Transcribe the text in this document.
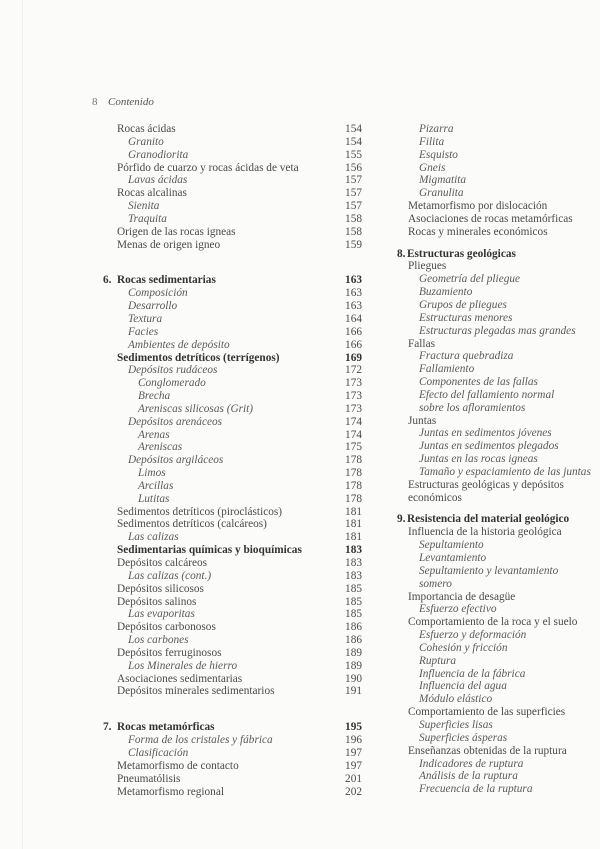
8 Contenido
Rocas ácidas	154
Granito	154
Granodiorita	155
Pórfido de cuarzo y rocas ácidas de veta	156
Lavas ácidas	157
Rocas alcalinas	157
Sienita	157
Traquita	158
Origen de las rocas igneas	158
Menas de origen igneo	159
6. Rocas sedimentarias	163
Composición	163
Desarrollo	163
Textura	164
Facies	166
Ambientes de depósito	166
Sedimentos detríticos (terrígenos)	169
Depósitos rudáceos	172
Conglomerado	173
Brecha	173
Areniscas silicosas (Grit)	173
Depósitos arenáceos	174
Arenas	174
Areniscas	175
Depósitos argiláceos	178
Limos	178
Arcillas	178
Lutitas	178
Sedimentos detríticos (piroclásticos)	181
Sedimentos detríticos (calcáreos)	181
Las calizas	181
Sedimentarias químicas y bioquímicas	183
Depósitos calcáreos	183
Las calizas (cont.)	183
Depósitos silicosos	185
Depósitos salinos	185
Las evaporitas	185
Depósitos carbonosos	186
Los carbones	186
Depósitos ferruginosos	189
Los Minerales de hierro	189
Asociaciones sedimentarias	190
Depósitos minerales sedimentarios	191
7. Rocas metamórficas	195
Forma de los cristales y fábrica	196
Clasificación	197
Metamorfismo de contacto	197
Pneumatólisis	201
Metamorfismo regional	202
Pizarra
Filita
Esquisto
Gneis
Migmatita
Granulita
Metamorfismo por dislocación
Asociaciones de rocas metamórficas
Rocas y minerales económicos
8. Estructuras geológicas
Pliegues
Geometría del pliegue
Buzamiento
Grupos de pliegues
Estructuras menores
Estructuras plegadas mas grandes
Fallas
Fractura quebradiza
Fallamiento
Componentes de las fallas
Efecto del fallamiento normal
sobre los afloramientos
Juntas
Juntas en sedimentos jóvenes
Juntas en sedimentos plegados
Juntas en las rocas igneas
Tamaño y espaciamiento de las juntas
Estructuras geológicas y depósitos
económicos
9. Resistencia del material geológico
Influencia de la historia geológica
Sepultamiento
Levantamiento
Sepultamiento y levantamiento
somero
Importancia de desagüe
Esfuerzo efectivo
Comportamiento de la roca y el suelo
Esfuerzo y deformación
Cohesión y fricción
Ruptura
Influencia de la fábrica
Influencia del agua
Módulo elástico
Comportamiento de las superficies
Superficies lisas
Superficies ásperas
Enseñanzas obtenidas de la ruptura
Indicadores de ruptura
Análisis de la ruptura
Frecuencia de la ruptura
